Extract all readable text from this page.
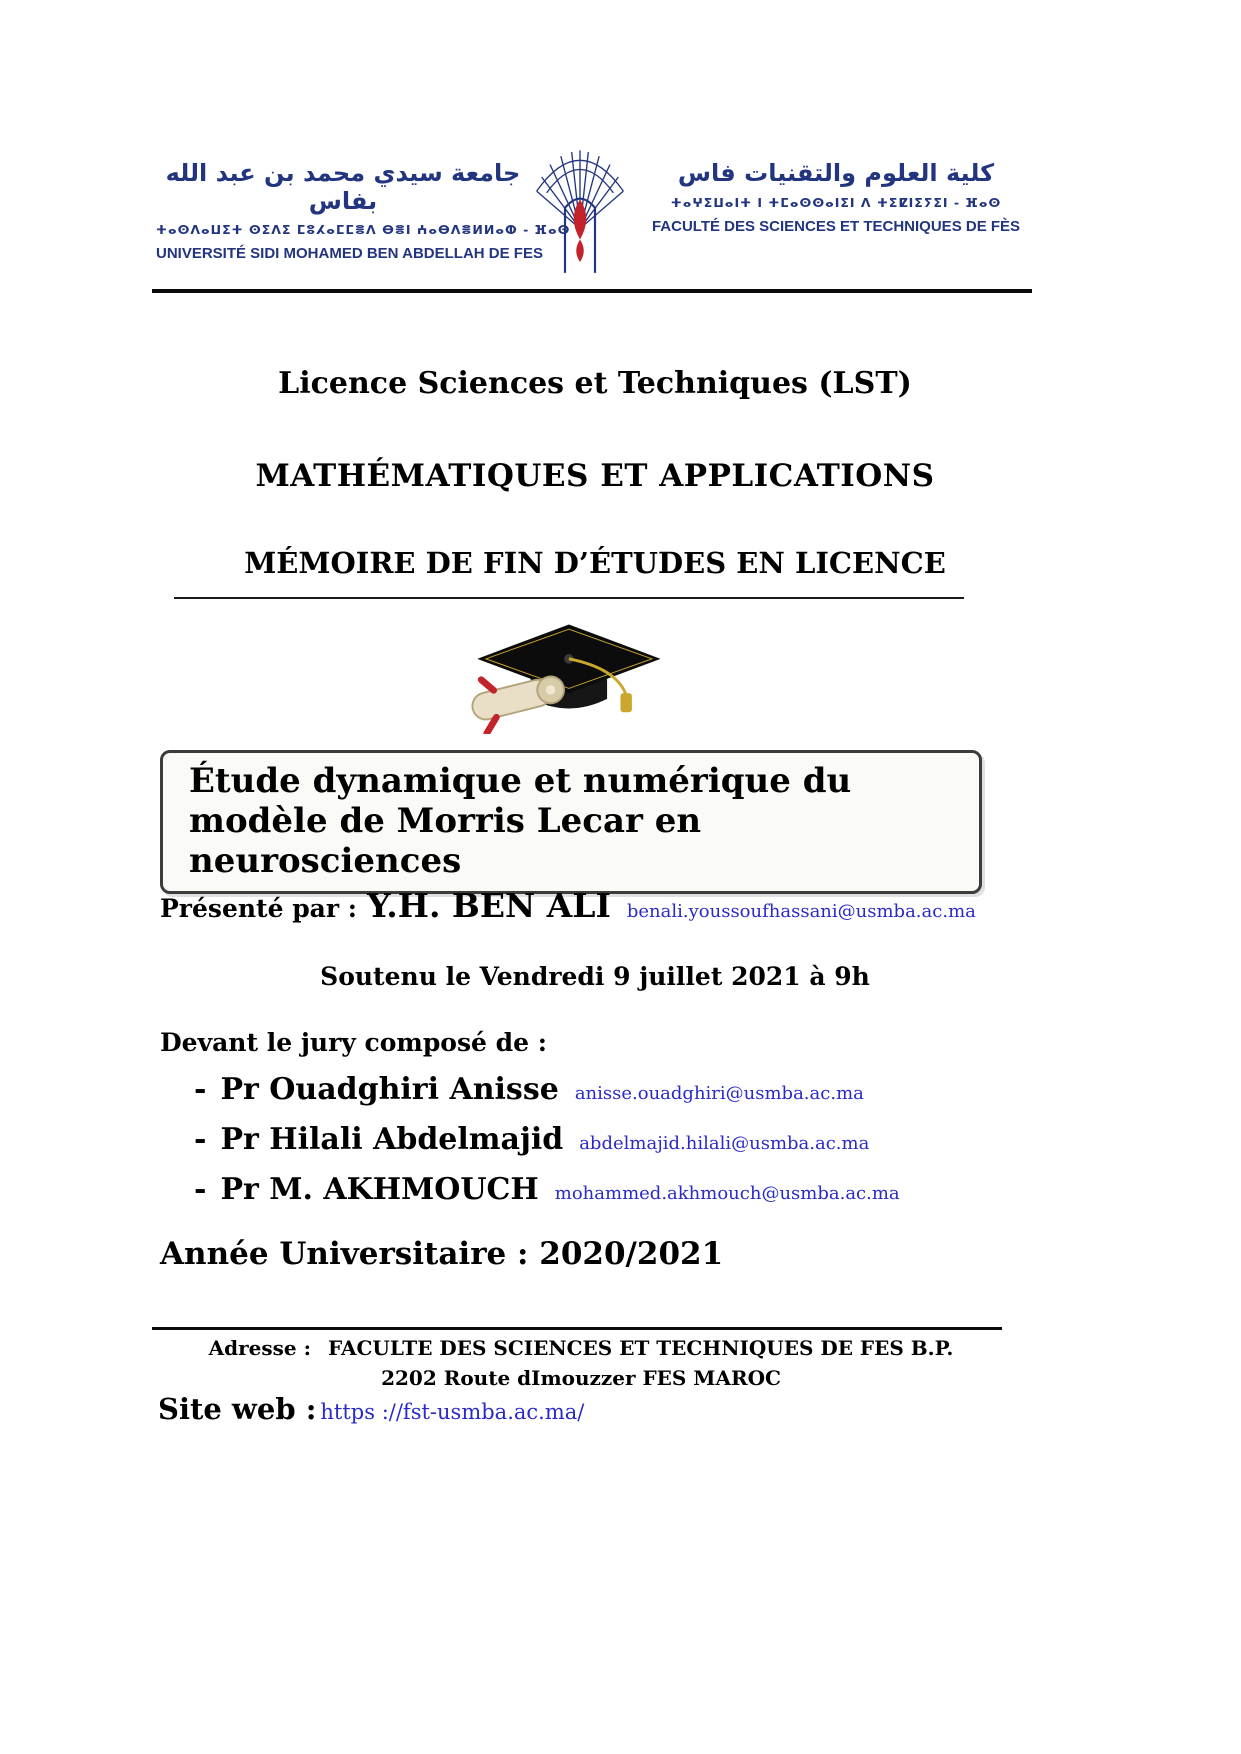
جامعة سيدي محمد بن عبد الله بفاس
ⵜⴰⵙⴷⴰⵡⵉⵜ ⵙⵉⴷⵉ ⵎⵓⵃⴰⵎⵎⴻⴷ ⴱⴻⵏ ⵄⴰⴱⴷⴻⵍⵍⴰⵀ - ⴼⴰⵙ
UNIVERSITÉ SIDI MOHAMED BEN ABDELLAH DE FES
كلية العلوم والتقنيات فاس
ⵜⴰⵖⵉⵡⴰⵏⵜ ⵏ ⵜⵎⴰⵙⵙⴰⵏⵉⵏ ⴷ ⵜⵉⵇⵏⵉⵢⵉⵏ - ⴼⴰⵙ
FACULTÉ DES SCIENCES ET TECHNIQUES DE FÈS
Licence Sciences et Techniques (LST)
MATHÉMATIQUES ET APPLICATIONS
MÉMOIRE DE FIN D’ÉTUDES EN LICENCE
Étude dynamique et numérique du
modèle de Morris Lecar en neurosciences
Présenté par : Y.H. BEN ALI benali.youssoufhassani@usmba.ac.ma
Soutenu le Vendredi 9 juillet 2021 à 9h
Devant le jury composé de :
- Pr Ouadghiri Anisse anisse.ouadghiri@usmba.ac.ma
- Pr Hilali Abdelmajid abdelmajid.hilali@usmba.ac.ma
- Pr M. AKHMOUCH mohammed.akhmouch@usmba.ac.ma
Année Universitaire : 2020/2021
Adresse : FACULTE DES SCIENCES ET TECHNIQUES DE FES B.P.
2202 Route dImouzzer FES MAROC
Site web : https ://fst-usmba.ac.ma/
